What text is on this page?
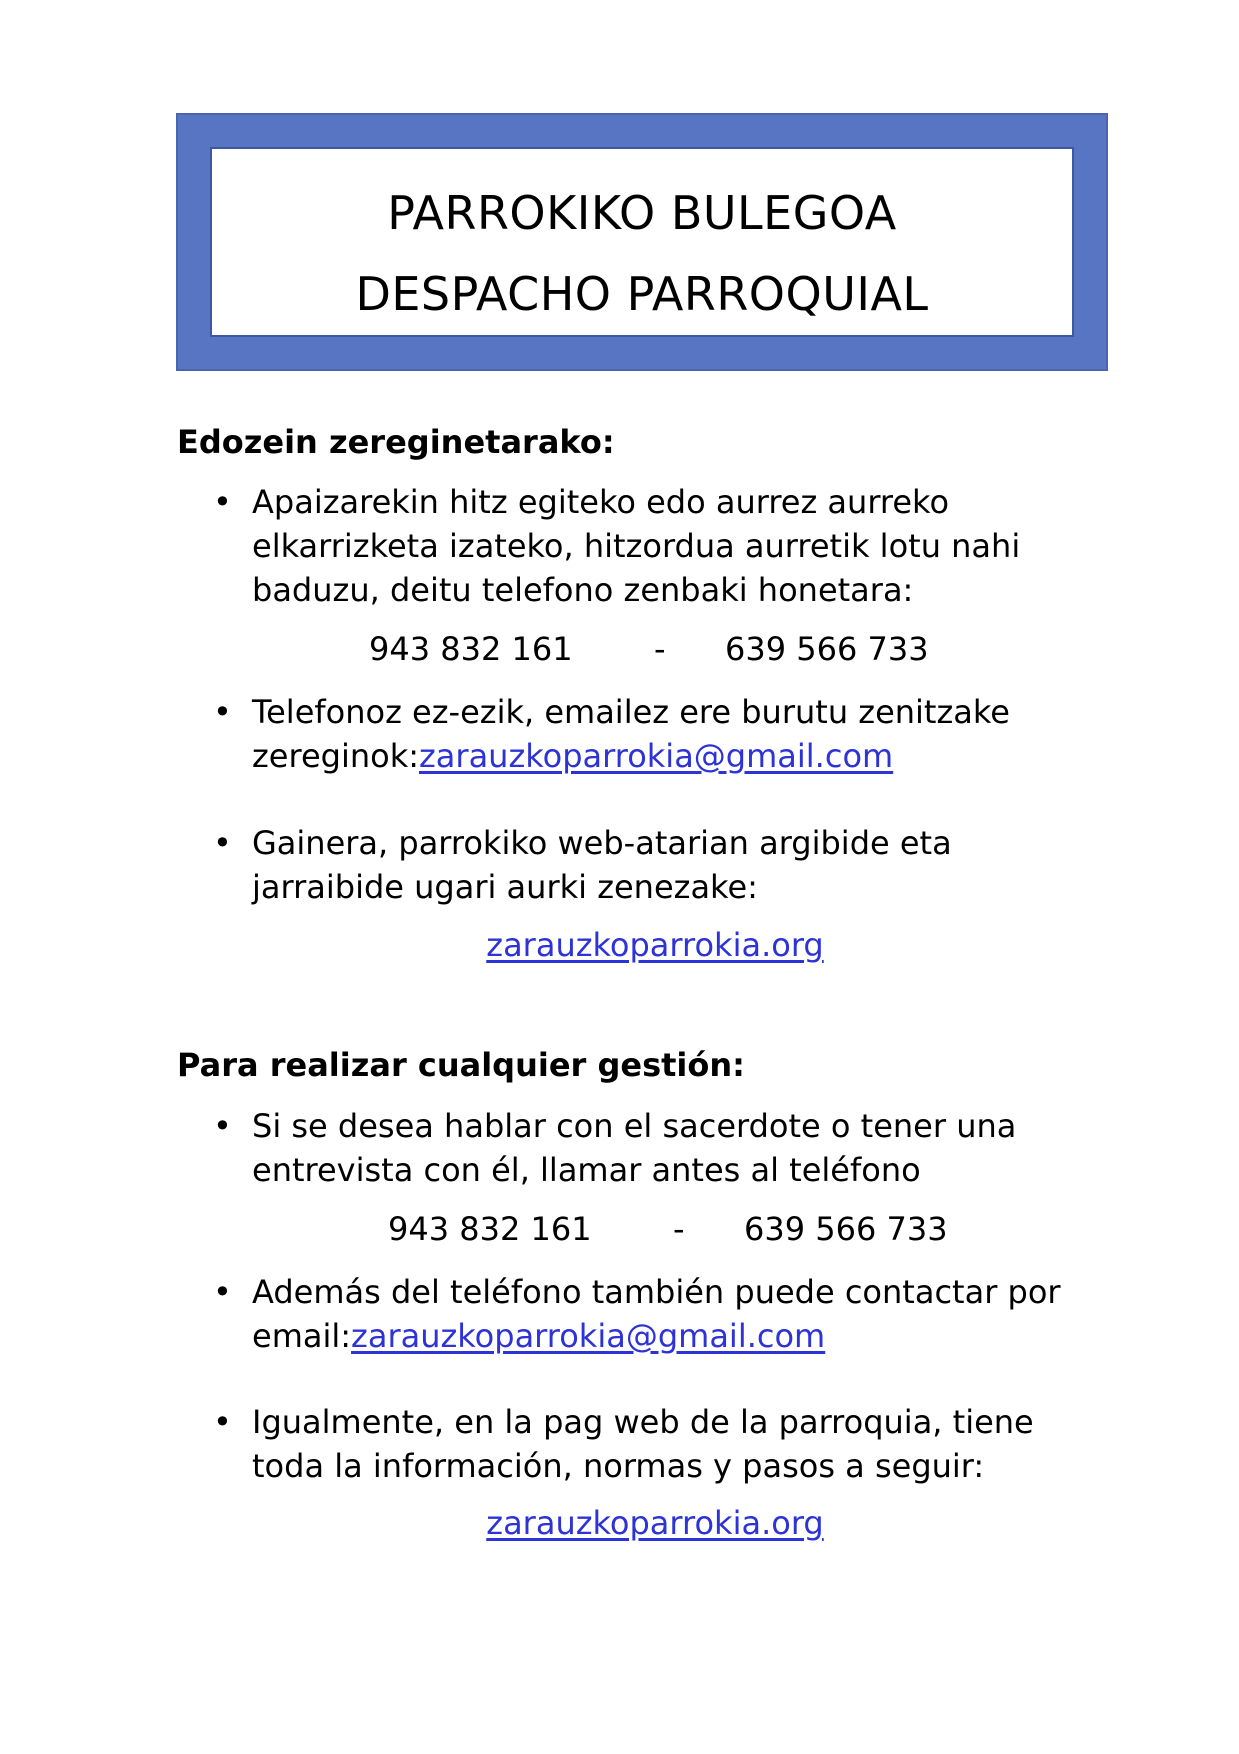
PARROKIKO BULEGOA
DESPACHO PARROQUIAL
Edozein zereginetarako:
• Apaizarekin hitz egiteko edo aurrez aurreko
elkarrizketa izateko, hitzordua aurretik lotu nahi
baduzu, deitu telefono zenbaki honetara:
943 832 161	- 639 566 733
• Telefonoz ez-ezik, emailez ere burutu zenitzake
zereginok:zarauzkoparrokia@gmail.com
• Gainera, parrokiko web-atarian argibide eta
jarraibide ugari aurki zenezake:
zarauzkoparrokia.org
Para realizar cualquier gestión:
• Si se desea hablar con el sacerdote o tener una
entrevista con él, llamar antes al teléfono
943 832 161	- 639 566 733
• Además del teléfono también puede contactar por
email:zarauzkoparrokia@gmail.com
• Igualmente, en la pag web de la parroquia, tiene
toda la información, normas y pasos a seguir:
zarauzkoparrokia.org
